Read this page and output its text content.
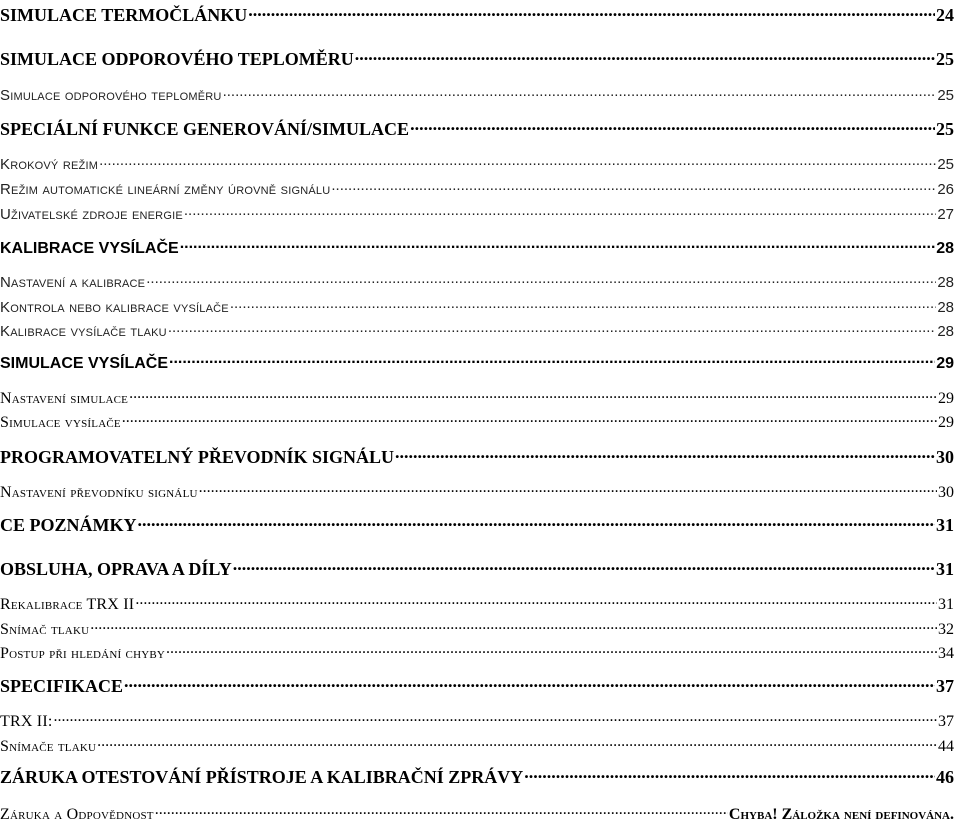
SIMULACE TERMOČLÁNKU .....	24
SIMULACE ODPOROVÉHO TEPLOMĚRU .....	25
Simulace odporového teploměru .....	25
SPECIÁLNÍ FUNKCE GENEROVÁNÍ/SIMULACE .....	25
Krokový režim .....	25
Režim automatické lineární změny úrovně signálu .....	26
Uživatelské zdroje energie .....	27
KALIBRACE VYSÍLAČE .....	28
Nastavení a kalibrace .....	28
Kontrola nebo kalibrace vysílače .....	28
Kalibrace vysílače tlaku .....	28
SIMULACE VYSÍLAČE .....	29
Nastavení simulace .....	29
Simulace vysílače .....	29
PROGRAMOVATELNÝ PŘEVODNÍK SIGNÁLU .....	30
Nastavení převodníku signálu .....	30
CE POZNÁMKY .....	31
OBSLUHA, OPRAVA A DÍLY .....	31
Rekalibrace TRX II .....	31
Snímač tlaku .....	32
Postup při hledání chyby .....	34
SPECIFIKACE .....	37
TRX II: .....	37
Snímače tlaku .....	44
ZÁRUKA OTESTOVÁNÍ PŘÍSTROJE A KALIBRAČNÍ ZPRÁVY .....	46
Záruka a Odpovědnost .....	Chyba! Záložka není definována.
